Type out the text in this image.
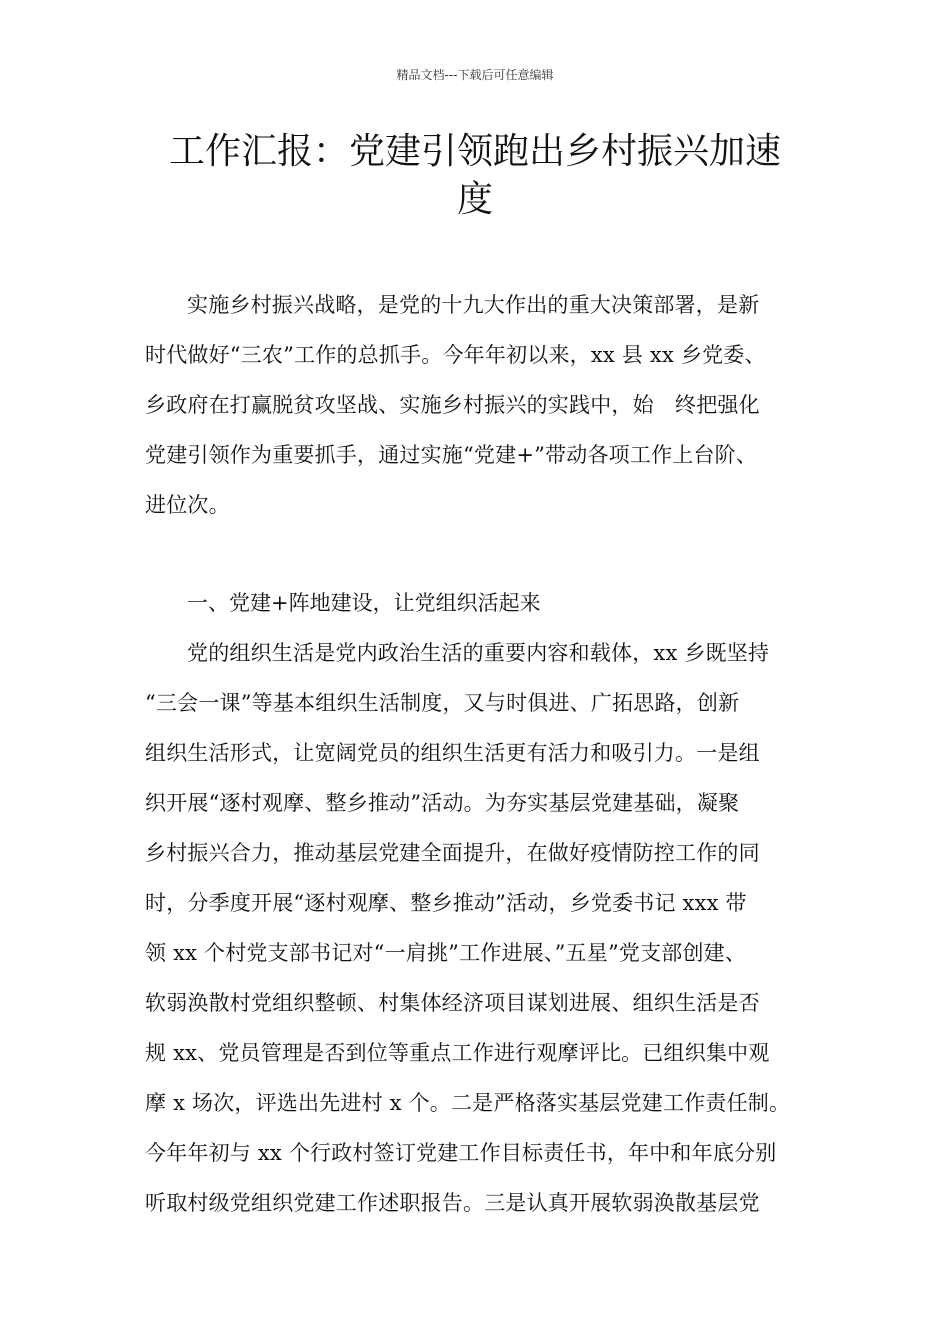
精品文档---下载后可任意编辑
工作汇报：党建引领跑出乡村振兴加速
度

实施乡村振兴战略，是党的十九大作出的重大决策部署，是新
时代做好“三农”工作的总抓手。今年年初以来，xx 县 xx 乡党委、
乡政府在打赢脱贫攻坚战、实施乡村振兴的实践中，始　终把强化
党建引领作为重要抓手，通过实施“党建+”带动各项工作上台阶、
进位次。

一、党建+阵地建设，让党组织活起来

党的组织生活是党内政治生活的重要内容和载体，xx 乡既坚持
“三会一课”等基本组织生活制度，又与时俱进、广拓思路，创新
组织生活形式，让宽阔党员的组织生活更有活力和吸引力。一是组
织开展“逐村观摩、整乡推动”活动。为夯实基层党建基础，凝聚
乡村振兴合力，推动基层党建全面提升，在做好疫情防控工作的同
时，分季度开展“逐村观摩、整乡推动”活动，乡党委书记 xxx 带
领 xx 个村党支部书记对“一肩挑”工作进展、”五星”党支部创建、
软弱涣散村党组织整顿、村集体经济项目谋划进展、组织生活是否
规 xx、党员管理是否到位等重点工作进行观摩评比。已组织集中观
摩 x 场次，评选出先进村 x 个。二是严格落实基层党建工作责任制。
今年年初与 xx 个行政村签订党建工作目标责任书，年中和年底分别
听取村级党组织党建工作述职报告。三是认真开展软弱涣散基层党
